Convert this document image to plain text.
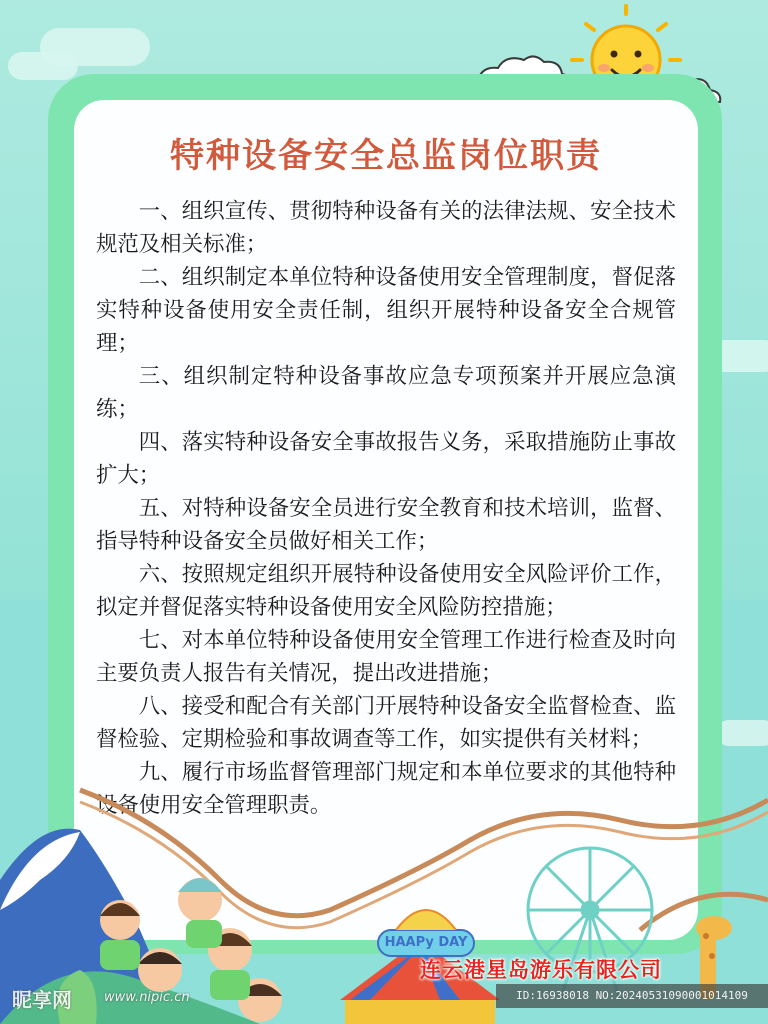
特种设备安全总监岗位职责

一、组织宣传、贯彻特种设备有关的法律法规、安全技术规范及相关标准；

二、组织制定本单位特种设备使用安全管理制度，督促落实特种设备使用安全责任制，组织开展特种设备安全合规管理；

三、组织制定特种设备事故应急专项预案并开展应急演练；

四、落实特种设备安全事故报告义务，采取措施防止事故扩大；

五、对特种设备安全员进行安全教育和技术培训，监督、指导特种设备安全员做好相关工作；

六、按照规定组织开展特种设备使用安全风险评价工作，拟定并督促落实特种设备使用安全风险防控措施；

七、对本单位特种设备使用安全管理工作进行检查及时向主要负责人报告有关情况，提出改进措施；

八、接受和配合有关部门开展特种设备安全监督检查、监督检验、定期检验和事故调查等工作，如实提供有关材料；

九、履行市场监督管理部门规定和本单位要求的其他特种设备使用安全管理职责。

HAAPy DAY
连云港星岛游乐有限公司
昵享网 www.nipic.cn	ID:16938018 NO:20240531090001014109
